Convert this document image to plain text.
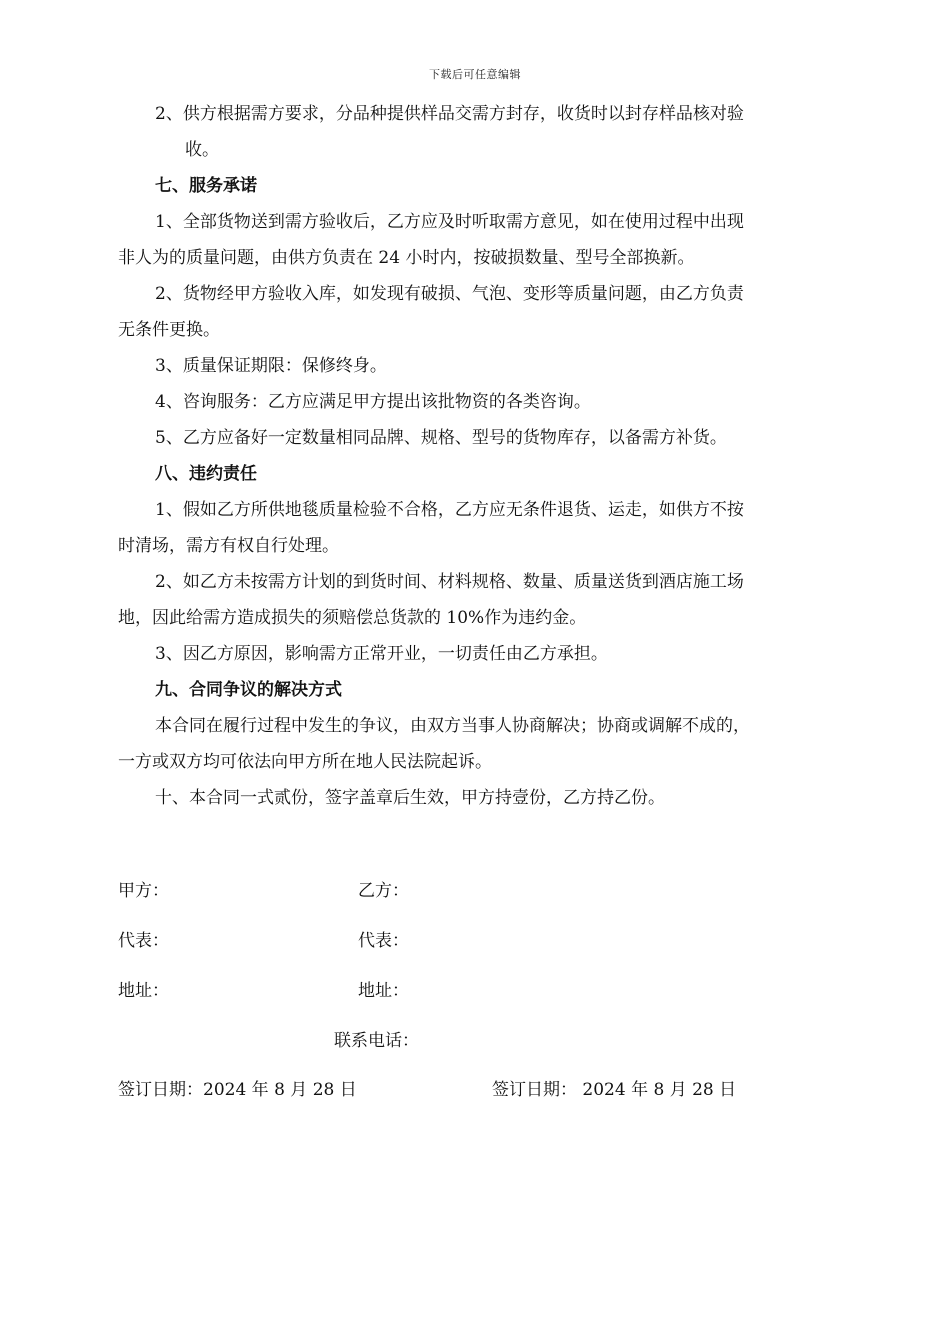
下载后可任意编辑
2、供方根据需方要求，分品种提供样品交需方封存，收货时以封存样品核对验
收。
七、服务承诺
1、全部货物送到需方验收后，乙方应及时听取需方意见，如在使用过程中出现
非人为的质量问题，由供方负责在 24 小时内，按破损数量、型号全部换新。
2、货物经甲方验收入库，如发现有破损、气泡、变形等质量问题，由乙方负责
无条件更换。
3、质量保证期限：保修终身。
4、咨询服务：乙方应满足甲方提出该批物资的各类咨询。
5、乙方应备好一定数量相同品牌、规格、型号的货物库存，以备需方补货。
八、违约责任
1、假如乙方所供地毯质量检验不合格，乙方应无条件退货、运走，如供方不按
时清场，需方有权自行处理。
2、如乙方未按需方计划的到货时间、材料规格、数量、质量送货到酒店施工场
地，因此给需方造成损失的须赔偿总货款的 10%作为违约金。
3、因乙方原因，影响需方正常开业，一切责任由乙方承担。
九、合同争议的解决方式
本合同在履行过程中发生的争议，由双方当事人协商解决；协商或调解不成的，
一方或双方均可依法向甲方所在地人民法院起诉。
十、本合同一式贰份，签字盖章后生效，甲方持壹份，乙方持乙份。
甲方：	乙方：
代表：	代表：
地址：	地址：
联系电话：
签订日期：2024 年 8 月 28 日	签订日期： 2024 年 8 月 28 日
